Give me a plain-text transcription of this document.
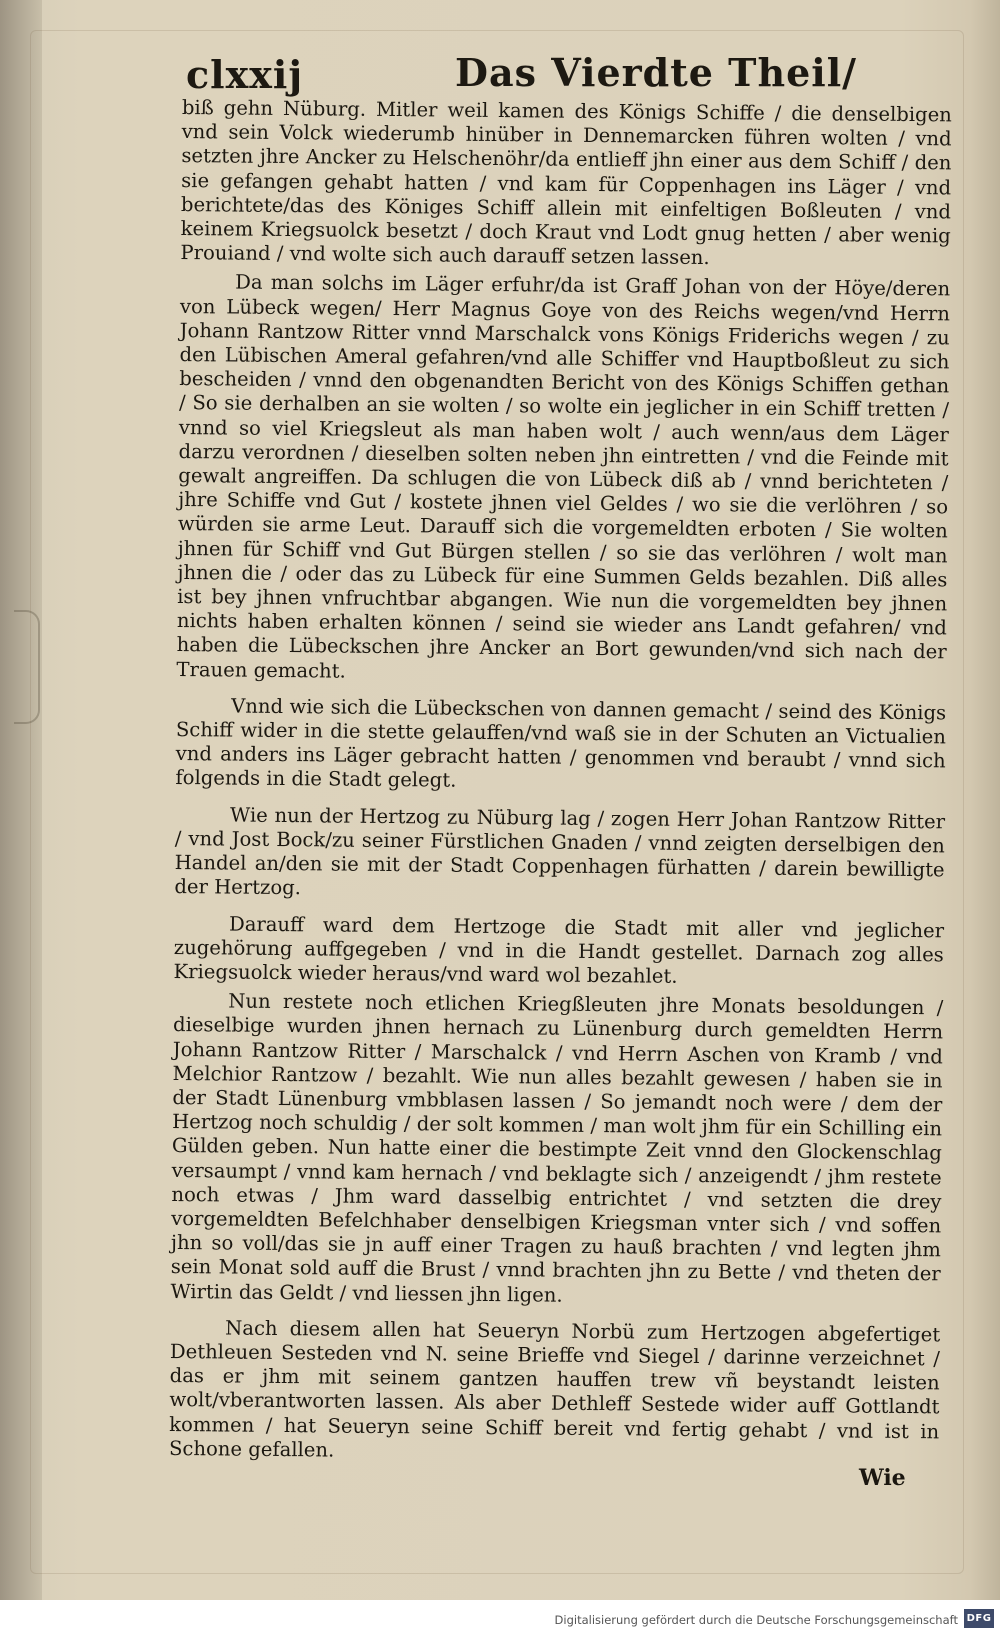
clxxij	Das Vierdte Theil/

biß gehn Nüburg. Mitler weil kamen des Königs Schiffe / die denselbigen vnd sein Volck wiederumb hinüber in Dennemarcken führen wolten / vnd setzten jhre Ancker zu Helschenöhr/da entlieff jhn einer aus dem Schiff / den sie gefangen gehabt hatten / vnd kam für Coppenhagen ins Läger / vnd berichtete/das des Königes Schiff allein mit einfeltigen Boßleuten / vnd keinem Kriegsuolck besetzt / doch Kraut vnd Lodt gnug hetten / aber wenig Prouiand / vnd wolte sich auch darauff setzen lassen.

Da man solchs im Läger erfuhr/da ist Graff Johan von der Höye/deren von Lübeck wegen/ Herr Magnus Goye von des Reichs wegen/vnd Herrn Johann Rantzow Ritter vnnd Marschalck vons Königs Friderichs wegen / zu den Lübischen Ameral gefahren/vnd alle Schiffer vnd Hauptboßleut zu sich bescheiden / vnnd den obgenandten Bericht von des Königs Schiffen gethan / So sie derhalben an sie wolten / so wolte ein jeglicher in ein Schiff tretten / vnnd so viel Kriegsleut als man haben wolt / auch wenn/aus dem Läger darzu verordnen / dieselben solten neben jhn eintretten / vnd die Feinde mit gewalt angreiffen. Da schlugen die von Lübeck diß ab / vnnd berichteten / jhre Schiffe vnd Gut / kostete jhnen viel Geldes / wo sie die verlöhren / so würden sie arme Leut. Darauff sich die vorgemeldten erboten / Sie wolten jhnen für Schiff vnd Gut Bürgen stellen / so sie das verlöhren / wolt man jhnen die / oder das zu Lübeck für eine Summen Gelds bezahlen. Diß alles ist bey jhnen vnfruchtbar abgangen. Wie nun die vorgemeldten bey jhnen nichts haben erhalten können / seind sie wieder ans Landt gefahren/ vnd haben die Lübeckschen jhre Ancker an Bort gewunden/vnd sich nach der Trauen gemacht.

Vnnd wie sich die Lübeckschen von dannen gemacht / seind des Königs Schiff wider in die stette gelauffen/vnd waß sie in der Schuten an Victualien vnd anders ins Läger gebracht hatten / genommen vnd beraubt / vnnd sich folgends in die Stadt gelegt.

Wie nun der Hertzog zu Nüburg lag / zogen Herr Johan Rantzow Ritter / vnd Jost Bock/zu seiner Fürstlichen Gnaden / vnnd zeigten derselbigen den Handel an/den sie mit der Stadt Coppenhagen fürhatten / darein bewilligte der Hertzog.

Darauff ward dem Hertzoge die Stadt mit aller vnd jeglicher zugehörung auffgegeben / vnd in die Handt gestellet. Darnach zog alles Kriegsuolck wieder heraus/vnd ward wol bezahlet.

Nun restete noch etlichen Kriegßleuten jhre Monats besoldungen / dieselbige wurden jhnen hernach zu Lünenburg durch gemeldten Herrn Johann Rantzow Ritter / Marschalck / vnd Herrn Aschen von Kramb / vnd Melchior Rantzow / bezahlt. Wie nun alles bezahlt gewesen / haben sie in der Stadt Lünenburg vmbblasen lassen / So jemandt noch were / dem der Hertzog noch schuldig / der solt kommen / man wolt jhm für ein Schilling ein Gülden geben. Nun hatte einer die bestimpte Zeit vnnd den Glockenschlag versaumpt / vnnd kam hernach / vnd beklagte sich / anzeigendt / jhm restete noch etwas / Jhm ward dasselbig entrichtet / vnd setzten die drey vorgemeldten Befelchhaber denselbigen Kriegsman vnter sich / vnd soffen jhn so voll/das sie jn auff einer Tragen zu hauß brachten / vnd legten jhm sein Monat sold auff die Brust / vnnd brachten jhn zu Bette / vnd theten der Wirtin das Geldt / vnd liessen jhn ligen.

Nach diesem allen hat Seueryn Norbü zum Hertzogen abgefertiget Dethleuen Sesteden vnd N. seine Brieffe vnd Siegel / darinne verzeichnet / das er jhm mit seinem gantzen hauffen trew vñ beystandt leisten wolt/vberantworten lassen. Als aber Dethleff Sestede wider auff Gottlandt kommen / hat Seueryn seine Schiff bereit vnd fertig gehabt / vnd ist in Schone gefallen.

Wie
Digitalisierung gefördert durch die Deutsche Forschungsgemeinschaft DFG
